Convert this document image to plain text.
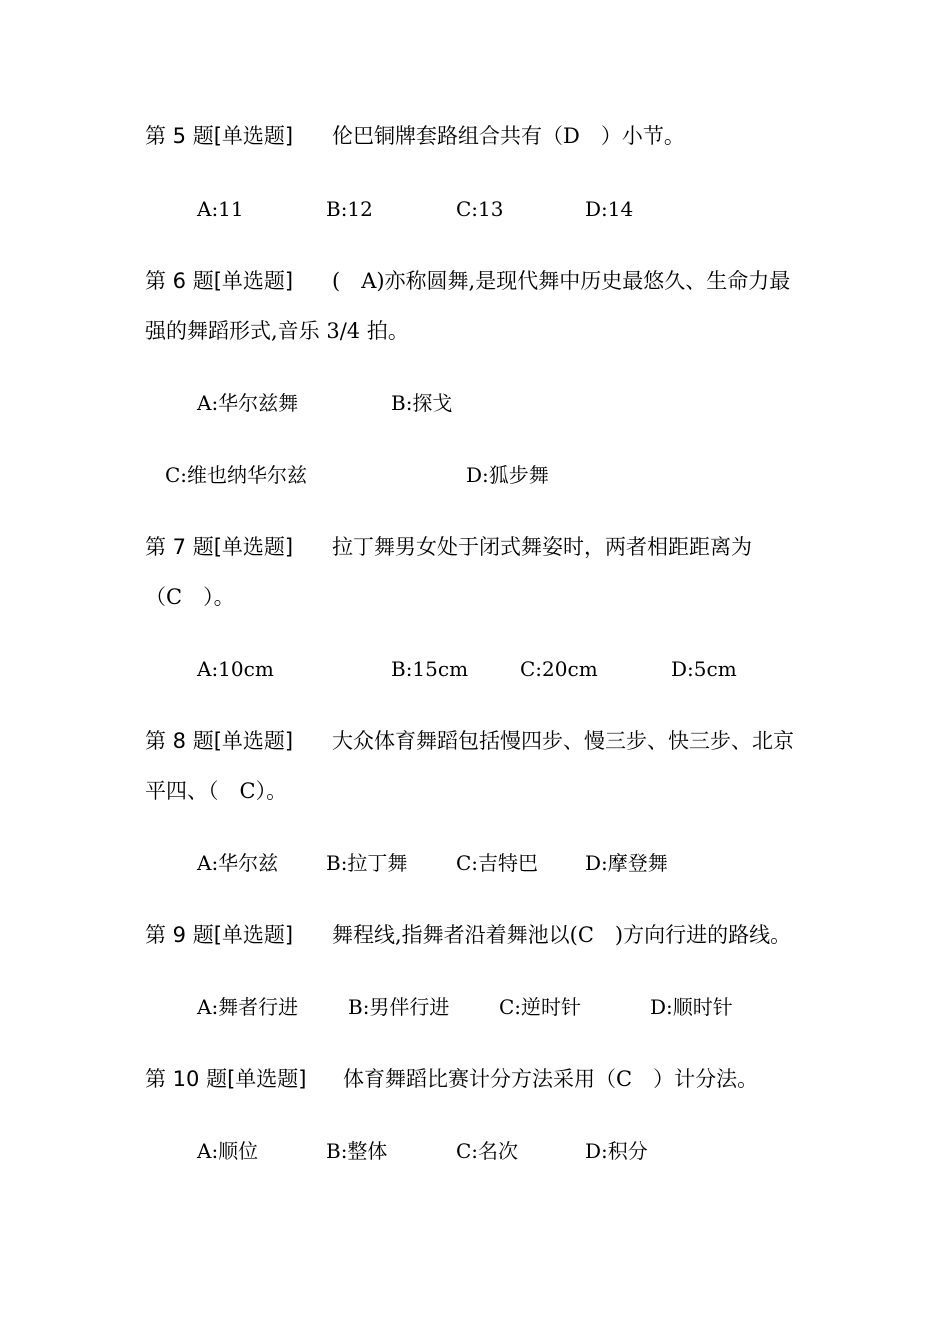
第 5 题[单选题] 伦巴铜牌套路组合共有（D　）小节。
A:11	B:12	C:13	D:14
第 6 题[单选题] (　A)亦称圆舞,是现代舞中历史最悠久、生命力最
强的舞蹈形式,音乐 3/4 拍。
A:华尔兹舞	B:探戈
C:维也纳华尔兹	D:狐步舞
第 7 题[单选题] 拉丁舞男女处于闭式舞姿时，两者相距距离为
（C　）。
A:10cm	B:15cm	C:20cm	D:5cm
第 8 题[单选题] 大众体育舞蹈包括慢四步、慢三步、快三步、北京
平四、（　C）。
A:华尔兹 B:拉丁舞 C:吉特巴 D:摩登舞
第 9 题[单选题] 舞程线,指舞者沿着舞池以(C　)方向行进的路线。
A:舞者行进 B:男伴行进 C:逆时针	D:顺时针
第 10 题[单选题] 体育舞蹈比赛计分方法采用（C　）计分法。
A:顺位	B:整体	C:名次	D:积分
